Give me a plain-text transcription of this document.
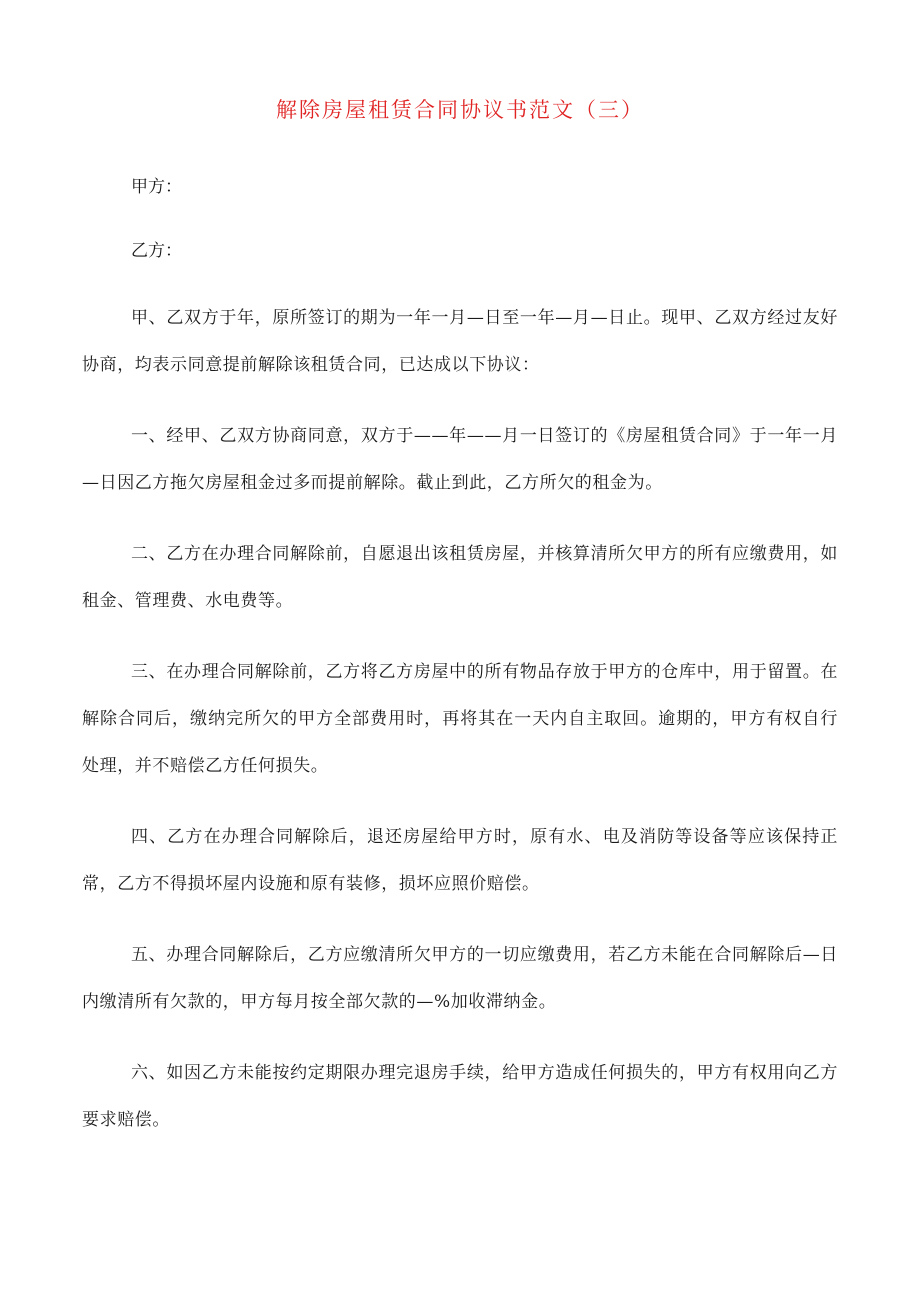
解除房屋租赁合同协议书范文（三）
甲方：
乙方：
甲、乙双方于年，原所签订的期为一年一月—日至一年—月—日止。现甲、乙双方经过友好协商，均表示同意提前解除该租赁合同，已达成以下协议：
一、经甲、乙双方协商同意，双方于——年——月一日签订的《房屋租赁合同》于一年一月—日因乙方拖欠房屋租金过多而提前解除。截止到此，乙方所欠的租金为。
二、乙方在办理合同解除前，自愿退出该租赁房屋，并核算清所欠甲方的所有应缴费用，如租金、管理费、水电费等。
三、在办理合同解除前，乙方将乙方房屋中的所有物品存放于甲方的仓库中，用于留置。在解除合同后，缴纳完所欠的甲方全部费用时，再将其在一天内自主取回。逾期的，甲方有权自行处理，并不赔偿乙方任何损失。
四、乙方在办理合同解除后，退还房屋给甲方时，原有水、电及消防等设备等应该保持正常，乙方不得损坏屋内设施和原有装修，损坏应照价赔偿。
五、办理合同解除后，乙方应缴清所欠甲方的一切应缴费用，若乙方未能在合同解除后—日内缴清所有欠款的，甲方每月按全部欠款的—%加收滞纳金。
六、如因乙方未能按约定期限办理完退房手续，给甲方造成任何损失的，甲方有权用向乙方要求赔偿。
